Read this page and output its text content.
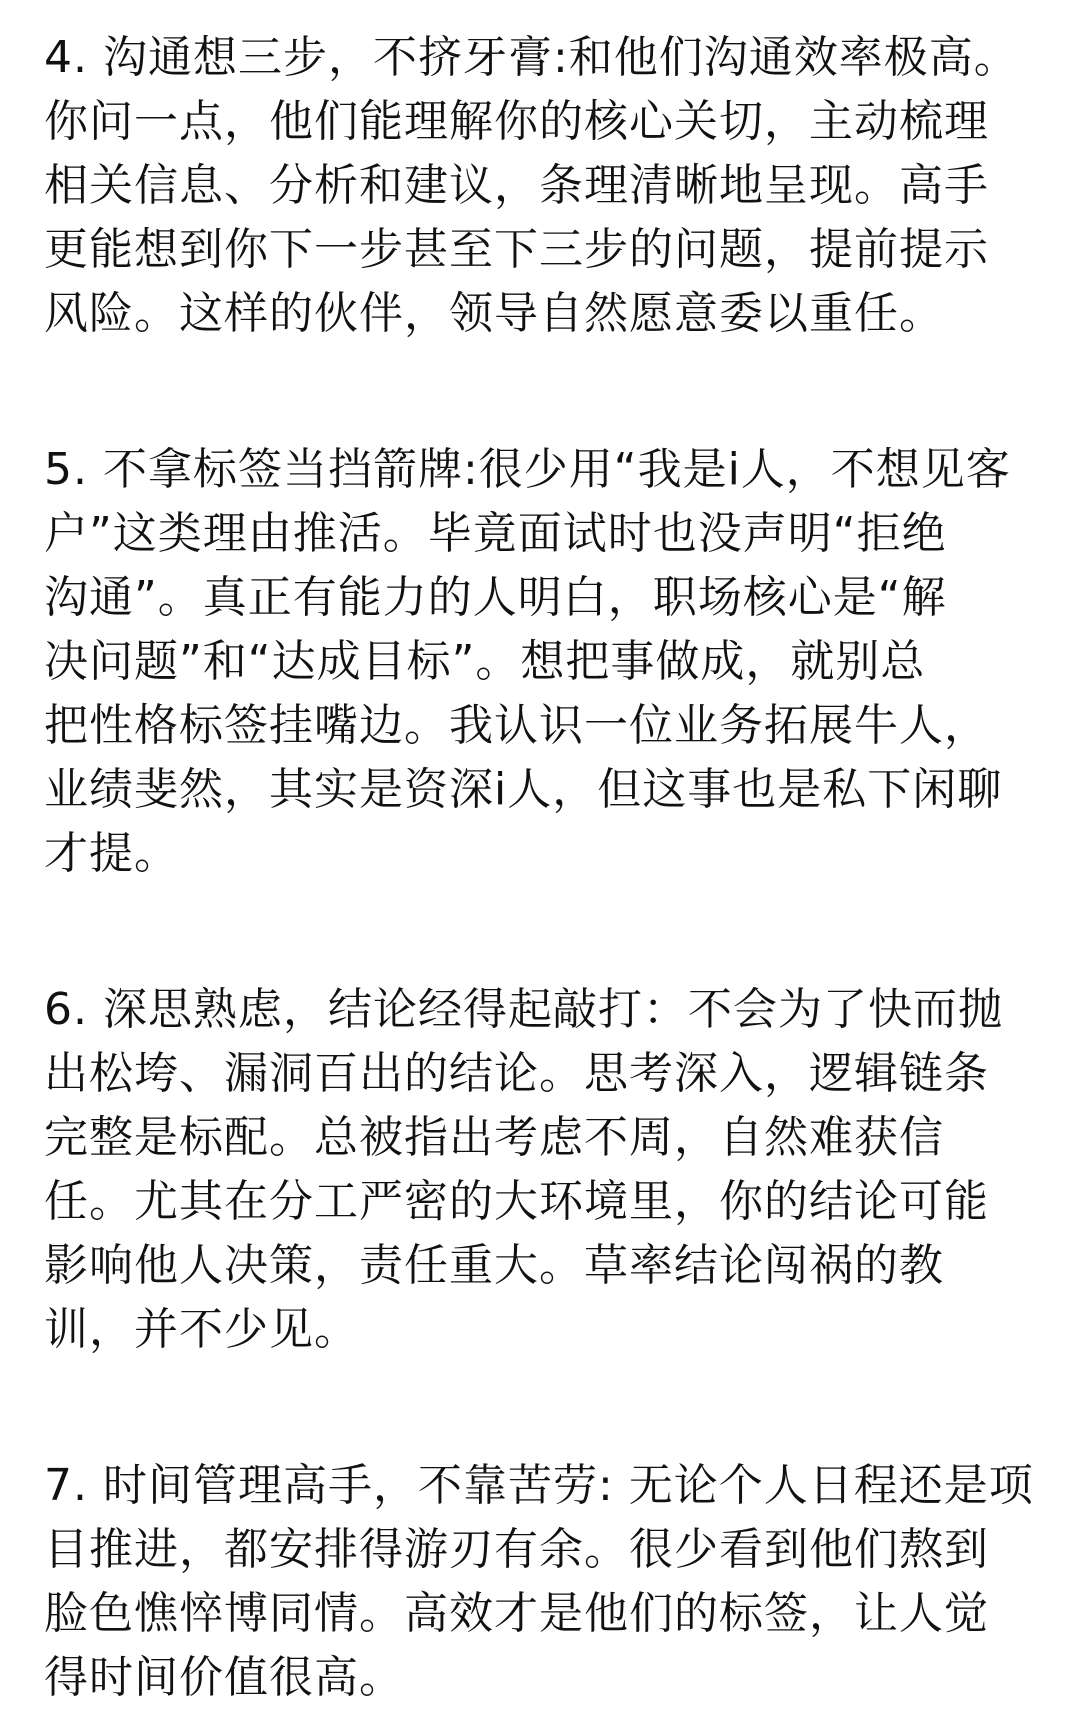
4. 沟通想三步，不挤牙膏:和他们沟通效率极高。
你问一点，他们能理解你的核心关切，主动梳理
相关信息、分析和建议，条理清晰地呈现。高手
更能想到你下一步甚至下三步的问题，提前提示
风险。这样的伙伴，领导自然愿意委以重任。
5. 不拿标签当挡箭牌:很少用“我是i人，不想见客
户”这类理由推活。毕竟面试时也没声明“拒绝
沟通”。真正有能力的人明白，职场核心是“解
决问题”和“达成目标”。想把事做成，就别总
把性格标签挂嘴边。我认识一位业务拓展牛人，
业绩斐然，其实是资深i人，但这事也是私下闲聊
才提。
6. 深思熟虑，结论经得起敲打：不会为了快而抛
出松垮、漏洞百出的结论。思考深入，逻辑链条
完整是标配。总被指出考虑不周，自然难获信
任。尤其在分工严密的大环境里，你的结论可能
影响他人决策，责任重大。草率结论闯祸的教
训，并不少见。
7. 时间管理高手，不靠苦劳: 无论个人日程还是项
目推进，都安排得游刃有余。很少看到他们熬到
脸色憔悴博同情。高效才是他们的标签，让人觉
得时间价值很高。
